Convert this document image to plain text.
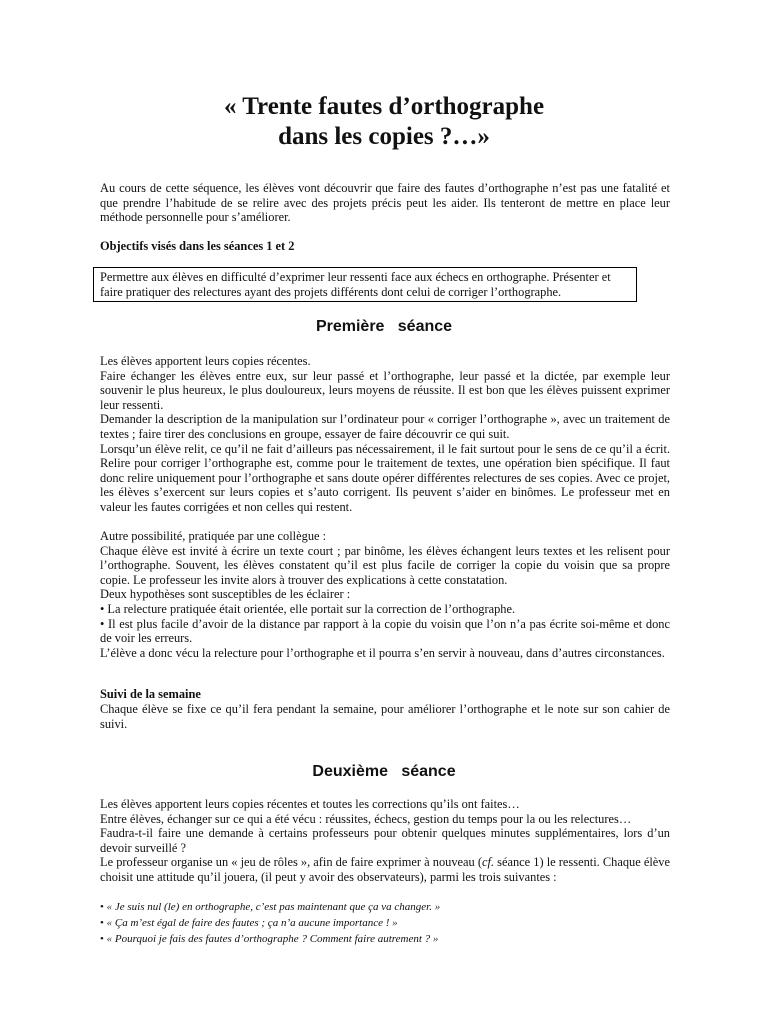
« Trente fautes d’orthographe
dans les copies ?…»

Au cours de cette séquence, les élèves vont découvrir que faire des fautes d’orthographe n’est pas une fatalité et que prendre l’habitude de se relire avec des projets précis peut les aider. Ils tenteront de mettre en place leur méthode personnelle pour s’améliorer.

Objectifs visés dans les séances 1 et 2
Permettre aux élèves en difficulté d’exprimer leur ressenti face aux échecs en orthographe. Présenter et faire pratiquer des relectures ayant des projets différents dont celui de corriger l’orthographe.
Première   séance

Les élèves apportent leurs copies récentes.

Faire échanger les élèves entre eux, sur leur passé et l’orthographe, leur passé et la dictée, par exemple leur souvenir le plus heureux, le plus douloureux, leurs moyens de réussite. Il est bon que les élèves puissent exprimer leur ressenti.

Demander la description de la manipulation sur l’ordinateur pour « corriger l’orthographe », avec un traitement de textes ; faire tirer des conclusions en groupe, essayer de faire découvrir ce qui suit.

Lorsqu’un élève relit, ce qu’il ne fait d’ailleurs pas nécessairement, il le fait surtout pour le sens de ce qu’il a écrit. Relire pour corriger l’orthographe est, comme pour le traitement de textes, une opération bien spécifique. Il faut donc relire uniquement pour l’orthographe et sans doute opérer différentes relectures de ses copies. Avec ce projet, les élèves s’exercent sur leurs copies et s’auto corrigent. Ils peuvent s’aider en binômes. Le professeur met en valeur les fautes corrigées et non celles qui restent.

Autre possibilité, pratiquée par une collègue :

Chaque élève est invité à écrire un texte court ; par binôme, les élèves échangent leurs textes et les relisent pour l’orthographe. Souvent, les élèves constatent qu’il est plus facile de corriger la copie du voisin que sa propre copie. Le professeur les invite alors à trouver des explications à cette constatation.

Deux hypothèses sont susceptibles de les éclairer :

• La relecture pratiquée était orientée, elle portait sur la correction de l’orthographe.

• Il est plus facile d’avoir de la distance par rapport à la copie du voisin que l’on n’a pas écrite soi-même et donc de voir les erreurs.

L’élève a donc vécu la relecture pour l’orthographe et il pourra s’en servir à nouveau, dans d’autres circonstances.

Suivi de la semaine

Chaque élève se fixe ce qu’il fera pendant la semaine, pour améliorer l’orthographe et le note sur son cahier de suivi.

Deuxième   séance

Les élèves apportent leurs copies récentes et toutes les corrections qu’ils ont faites…

Entre élèves, échanger sur ce qui a été vécu : réussites, échecs, gestion du temps pour la ou les relectures…

Faudra-t-il faire une demande à certains professeurs pour obtenir quelques minutes supplémentaires, lors d’un devoir surveillé ?

Le professeur organise un « jeu de rôles », afin de faire exprimer à nouveau (cf. séance 1) le ressenti. Chaque élève choisit une attitude qu’il jouera, (il peut y avoir des observateurs), parmi les trois suivantes :

• « Je suis nul (le) en orthographe, c’est pas maintenant que ça va changer. »
• « Ça m’est égal de faire des fautes ; ça n’a aucune importance ! »
• « Pourquoi je fais des fautes d’orthographe ? Comment faire autrement ? »
